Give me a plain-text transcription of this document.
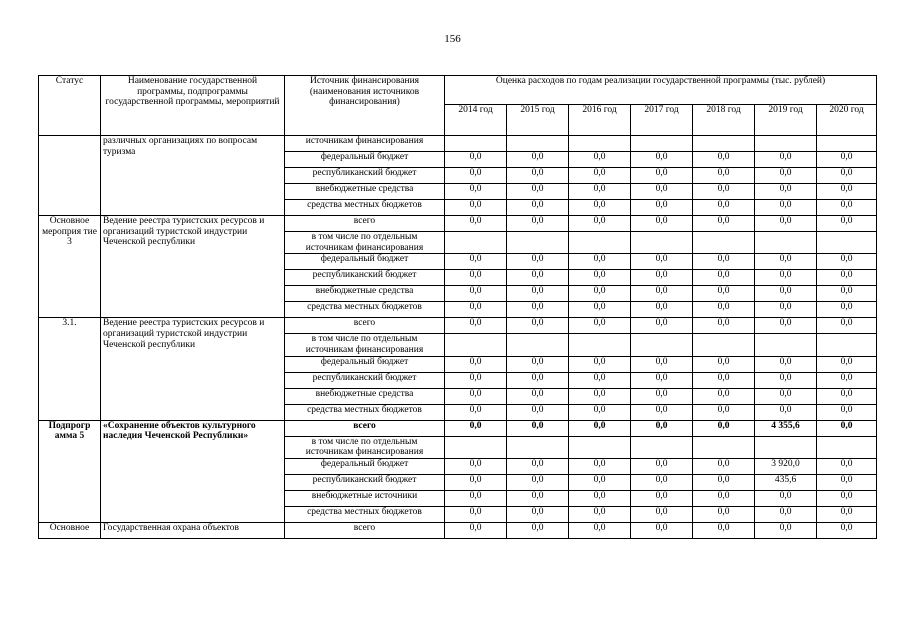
156
Статус	Наименование государственной программы, подпрограммы государственной программы, мероприятий	Источник финансирования (наименования источников финансирования)	Оценка расходов по годам реализации государственной программы (тыс. рублей)						
			2014 год	2015 год	2016 год	2017 год	2018 год	2019 год	2020 год
	различных организациях по вопросам туризма	источникам финансирования							
		федеральный бюджет	0,0	0,0	0,0	0,0	0,0	0,0	0,0
		республиканский бюджет	0,0	0,0	0,0	0,0	0,0	0,0	0,0
		внебюджетные средства	0,0	0,0	0,0	0,0	0,0	0,0	0,0
		средства местных бюджетов	0,0	0,0	0,0	0,0	0,0	0,0	0,0
Основное мероприя тие 3	Ведение реестра туристских ресурсов и организаций туристской индустрии Чеченской республики	всего	0,0	0,0	0,0	0,0	0,0	0,0	0,0
		в том числе по отдельным источникам финансирования							
		федеральный бюджет	0,0	0,0	0,0	0,0	0,0	0,0	0,0
		республиканский бюджет	0,0	0,0	0,0	0,0	0,0	0,0	0,0
		внебюджетные средства	0,0	0,0	0,0	0,0	0,0	0,0	0,0
		средства местных бюджетов	0,0	0,0	0,0	0,0	0,0	0,0	0,0
3.1.	Ведение реестра туристских ресурсов и организаций туристской индустрии Чеченской республики	всего	0,0	0,0	0,0	0,0	0,0	0,0	0,0
		в том числе по отдельным источникам финансирования							
		федеральный бюджет	0,0	0,0	0,0	0,0	0,0	0,0	0,0
		республиканский бюджет	0,0	0,0	0,0	0,0	0,0	0,0	0,0
		внебюджетные средства	0,0	0,0	0,0	0,0	0,0	0,0	0,0
		средства местных бюджетов	0,0	0,0	0,0	0,0	0,0	0,0	0,0
Подпрогр амма 5	«Сохранение объектов культурного наследия Чеченской Республики»	всего	0,0	0,0	0,0	0,0	0,0	4 355,6	0,0
		в том числе по отдельным источникам финансирования							
		федеральный бюджет	0,0	0,0	0,0	0,0	0,0	3 920,0	0,0
		республиканский бюджет	0,0	0,0	0,0	0,0	0,0	435,6	0,0
		внебюджетные источники	0,0	0,0	0,0	0,0	0,0	0,0	0,0
		средства местных бюджетов	0,0	0,0	0,0	0,0	0,0	0,0	0,0
Основное	Государственная охрана объектов	всего	0,0	0,0	0,0	0,0	0,0	0,0	0,0
